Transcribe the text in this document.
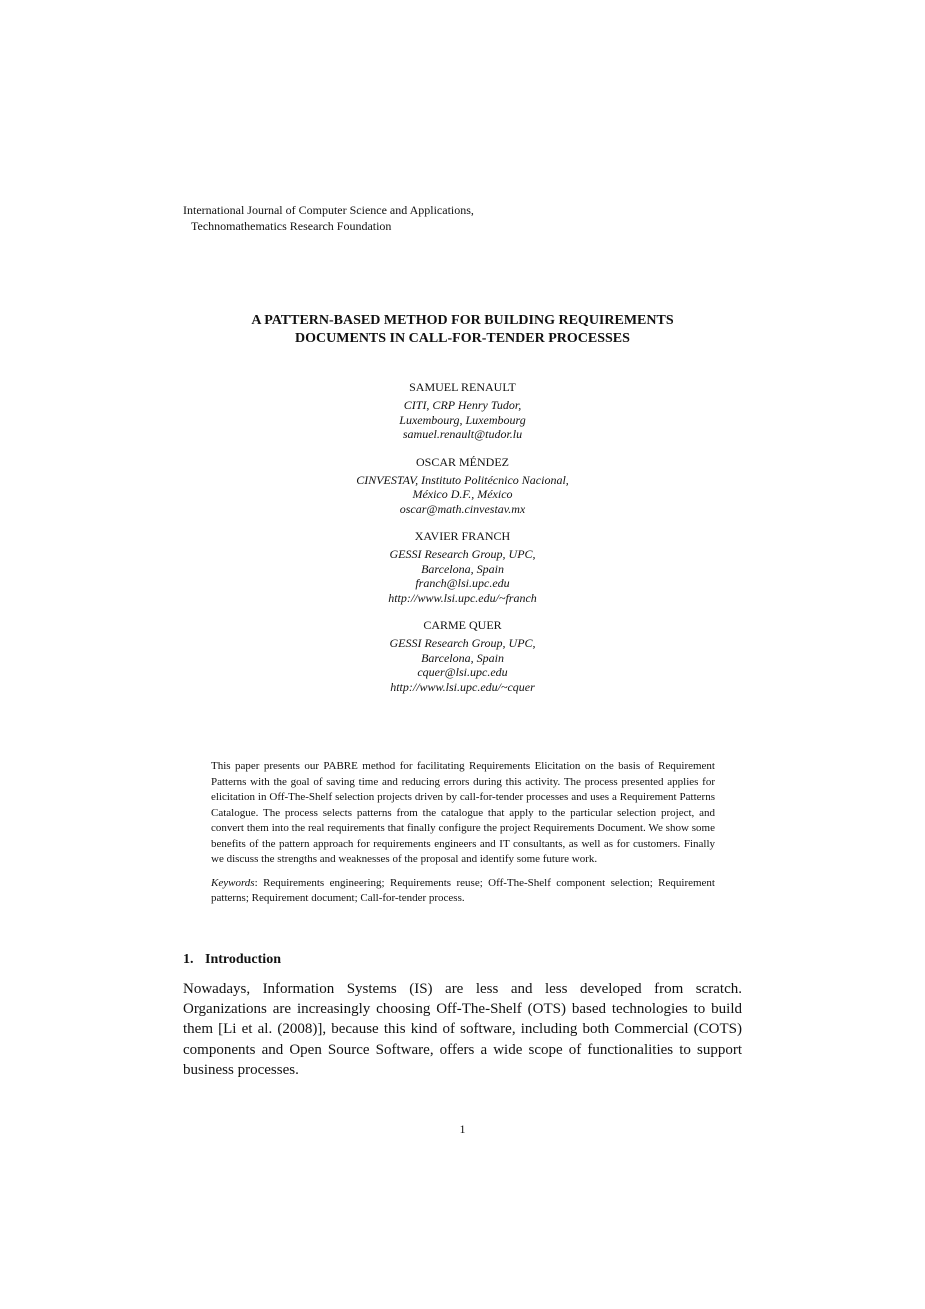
International Journal of Computer Science and Applications,
Technomathematics Research Foundation
A PATTERN-BASED METHOD FOR BUILDING REQUIREMENTS
DOCUMENTS IN CALL-FOR-TENDER PROCESSES
SAMUEL RENAULT
CITI, CRP Henry Tudor,
Luxembourg, Luxembourg
samuel.renault@tudor.lu
OSCAR MÉNDEZ
CINVESTAV, Instituto Politécnico Nacional,
México D.F., México
oscar@math.cinvestav.mx
XAVIER FRANCH
GESSI Research Group, UPC,
Barcelona, Spain
franch@lsi.upc.edu
http://www.lsi.upc.edu/~franch
CARME QUER
GESSI Research Group, UPC,
Barcelona, Spain
cquer@lsi.upc.edu
http://www.lsi.upc.edu/~cquer
This paper presents our PABRE method for facilitating Requirements Elicitation on the basis of Requirement Patterns with the goal of saving time and reducing errors during this activity. The process presented applies for elicitation in Off-The-Shelf selection projects driven by call-for-tender processes and uses a Requirement Patterns Catalogue. The process selects patterns from the catalogue that apply to the particular selection project, and convert them into the real requirements that finally configure the project Requirements Document. We show some benefits of the pattern approach for requirements engineers and IT consultants, as well as for customers. Finally we discuss the strengths and weaknesses of the proposal and identify some future work.
Keywords: Requirements engineering; Requirements reuse; Off-The-Shelf component selection; Requirement patterns; Requirement document; Call-for-tender process.
1. Introduction
Nowadays, Information Systems (IS) are less and less developed from scratch. Organizations are increasingly choosing Off-The-Shelf (OTS) based technologies to build them [Li et al. (2008)], because this kind of software, including both Commercial (COTS) components and Open Source Software, offers a wide scope of functionalities to support business processes.
1
